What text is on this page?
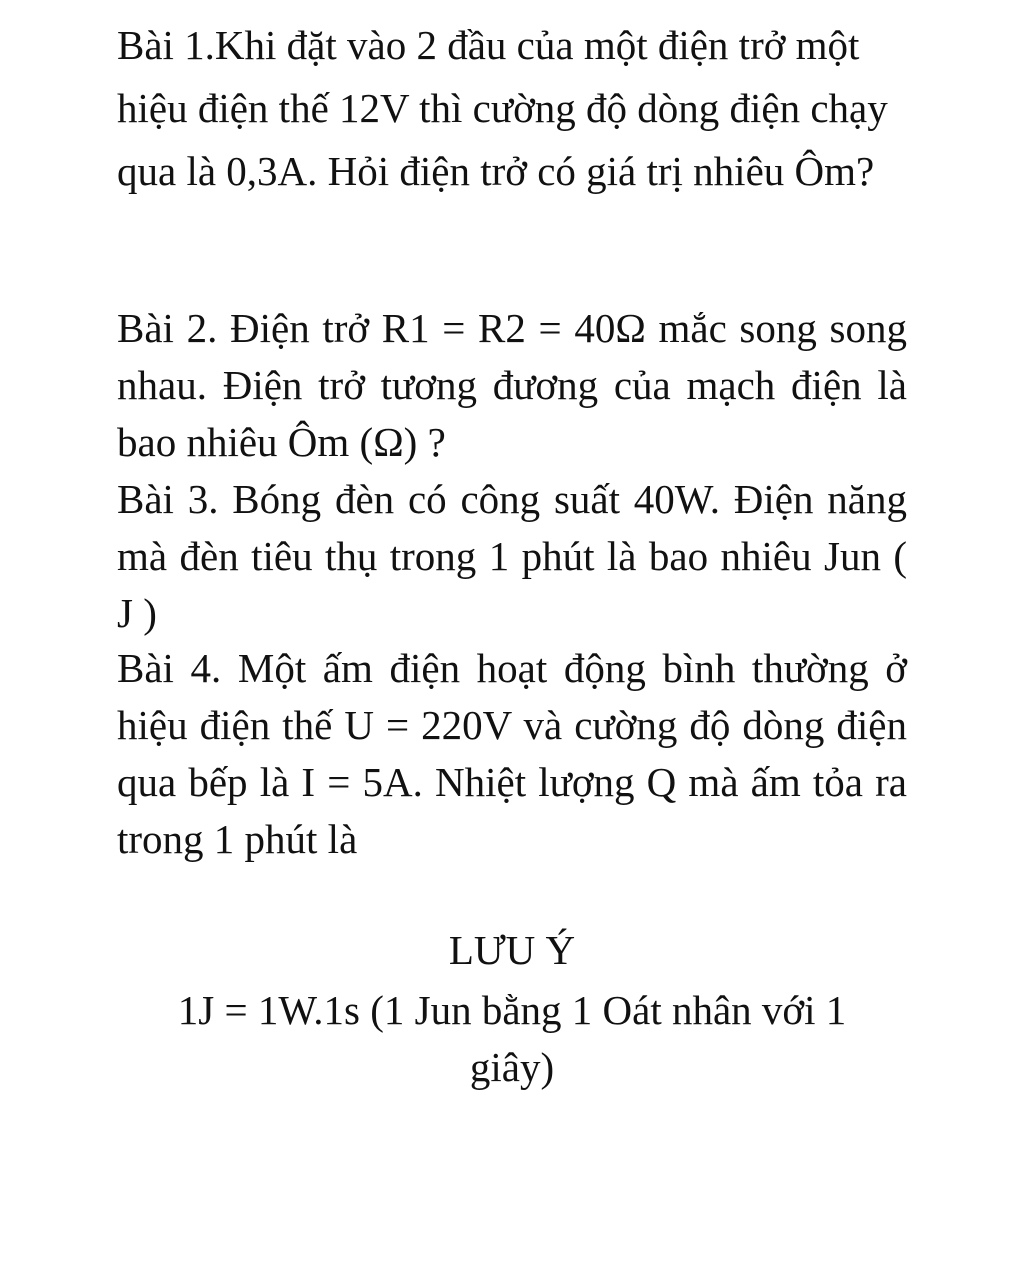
Bài 1.Khi đặt vào 2 đầu của một điện trở một hiệu điện thế 12V thì cường độ dòng điện chạy qua là 0,3A. Hỏi điện trở có giá trị nhiêu Ôm?

Bài 2. Điện trở R1 = R2 = 40Ω mắc song song nhau. Điện trở tương đương của mạch điện là bao nhiêu Ôm (Ω) ?

Bài 3. Bóng đèn có công suất 40W. Điện năng mà đèn tiêu thụ trong 1 phút là bao nhiêu Jun ( J )

Bài 4. Một ấm điện hoạt động bình thường ở hiệu điện thế U = 220V và cường độ dòng điện qua bếp là I = 5A. Nhiệt lượng Q mà ấm tỏa ra trong 1 phút là

LƯU Ý

1J = 1W.1s (1 Jun bằng 1 Oát nhân với 1 giây)
